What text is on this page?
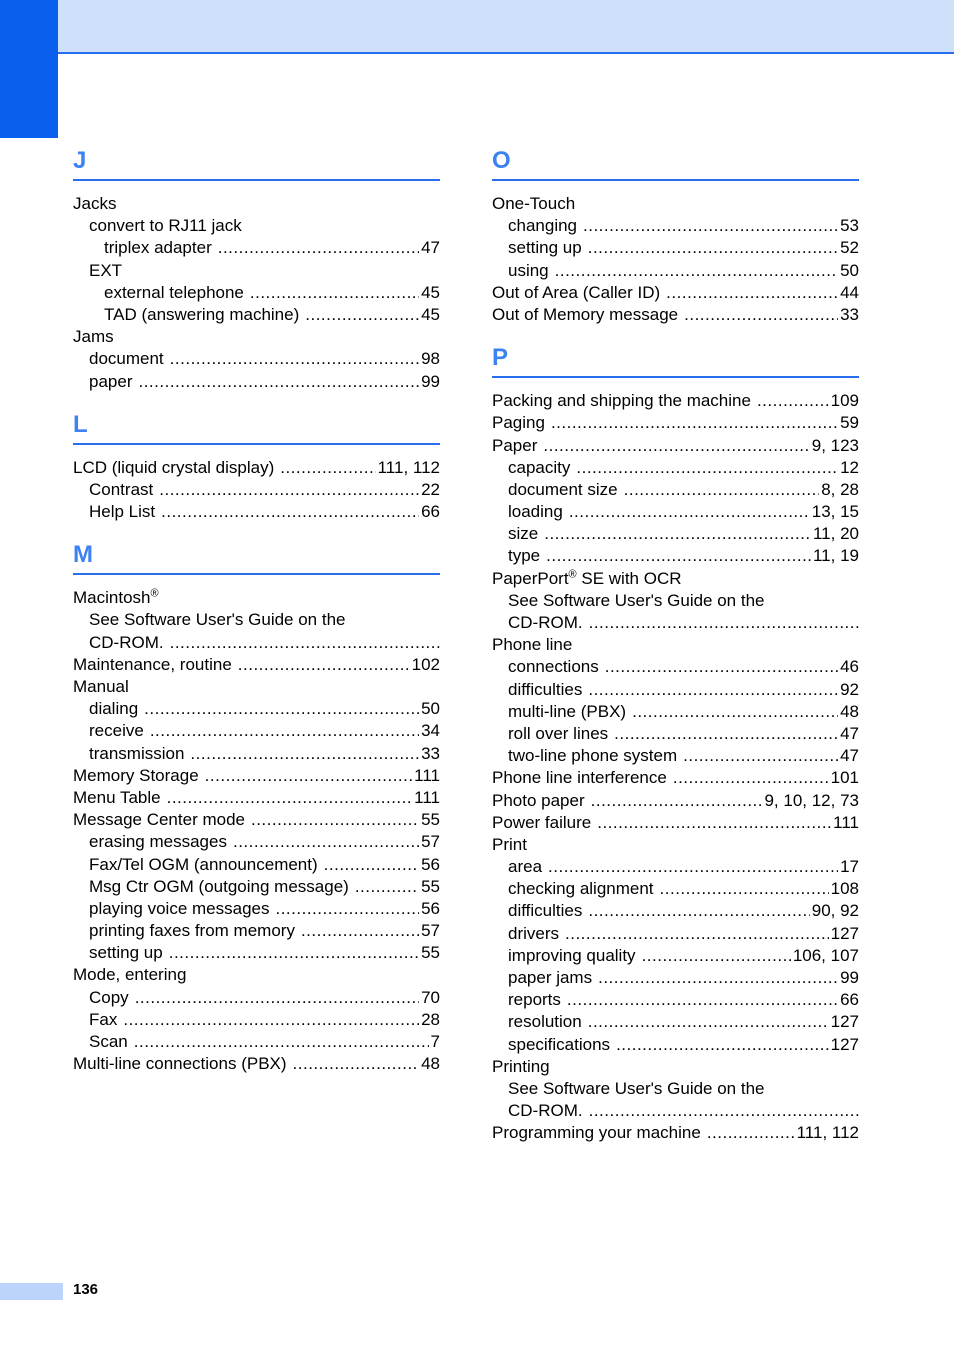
J
Jacks
convert to RJ11 jack
triplex adapter .....	47
EXT
external telephone .....	45
TAD (answering machine) .....	45
Jams
document .....	98
paper .....	99
L
LCD (liquid crystal display) .....	111, 112
Contrast .....	22
Help List .....	66
M
Macintosh®
See Software User's Guide on the
CD-ROM.
.....
Maintenance, routine .....	102
Manual
dialing .....	50
receive .....	34
transmission .....	33
Memory Storage .....	111
Menu Table .....	111
Message Center mode .....	55
erasing messages .....	57
Fax/Tel OGM (announcement) .....	56
Msg Ctr OGM (outgoing message) .....	55
playing voice messages .....	56
printing faxes from memory .....	57
setting up .....	55
Mode, entering
Copy .....	70
Fax .....	28
Scan .....	7
Multi-line connections (PBX) .....	48
O
One-Touch
changing .....	53
setting up .....	52
using .....	50
Out of Area (Caller ID) .....	44
Out of Memory message .....	33
P
Packing and shipping the machine .....	109
Paging .....	59
Paper .....	9, 123
capacity .....	12
document size .....	8, 28
loading .....	13, 15
size .....	11, 20
type .....	11, 19
PaperPort® SE with OCR
See Software User's Guide on the
CD-ROM.
.....
Phone line
connections .....	46
difficulties .....	92
multi-line (PBX) .....	48
roll over lines .....	47
two-line phone system .....	47
Phone line interference .....	101
Photo paper .....	9, 10, 12, 73
Power failure .....	111
Print
area .....	17
checking alignment .....	108
difficulties .....	90, 92
drivers .....	127
improving quality .....	106, 107
paper jams .....	99
reports .....	66
resolution .....	127
specifications .....	127
Printing
See Software User's Guide on the
CD-ROM.
.....
Programming your machine .....	111, 112
136
